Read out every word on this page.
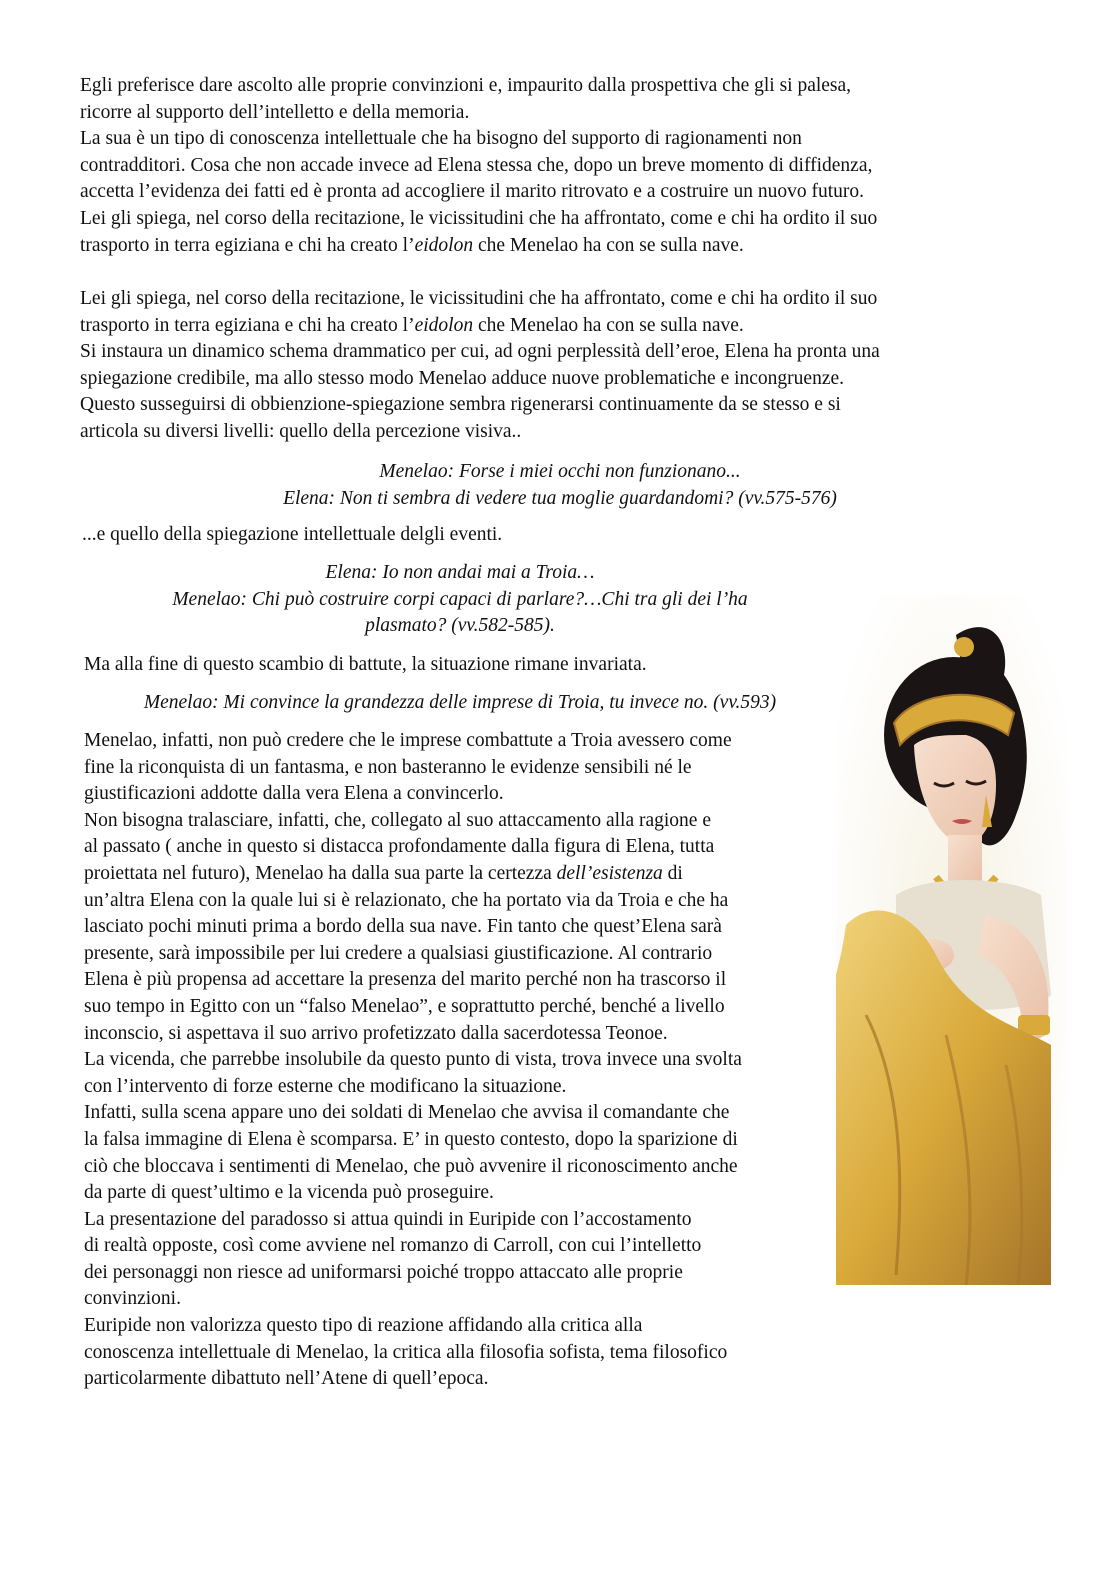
Egli preferisce dare ascolto alle proprie convinzioni e, impaurito dalla prospettiva che gli si palesa,
ricorre al supporto dell’intelletto e della memoria.
La sua è un tipo di conoscenza intellettuale che ha bisogno del supporto di ragionamenti non
contradditori. Cosa che non accade invece ad Elena stessa che, dopo un breve momento di diffidenza,
accetta l’evidenza dei fatti ed è pronta ad accogliere il marito ritrovato e a costruire un nuovo futuro.
Lei gli spiega, nel corso della recitazione, le vicissitudini che ha affrontato, come e chi ha ordito il suo
trasporto in terra egiziana e chi ha creato l’eidolon che Menelao ha con se sulla nave.
Lei gli spiega, nel corso della recitazione, le vicissitudini che ha affrontato, come e chi ha ordito il suo
trasporto in terra egiziana e chi ha creato l’eidolon che Menelao ha con se sulla nave.
Si instaura un dinamico schema drammatico per cui, ad ogni perplessità dell’eroe, Elena ha pronta una
spiegazione credibile, ma allo stesso modo Menelao adduce nuove problematiche e incongruenze.
Questo susseguirsi di obbienzione-spiegazione sembra rigenerarsi continuamente da se stesso e si
articola su diversi livelli: quello della percezione visiva..
Menelao: Forse i miei occhi non funzionano...
Elena: Non ti sembra di vedere tua moglie guardandomi? (vv.575-576)
...e quello della spiegazione intellettuale delgli eventi.
Elena: Io non andai mai a Troia…
Menelao: Chi può costruire corpi capaci di parlare?…Chi tra gli dei l’ha
plasmato? (vv.582-585).
Ma alla fine di questo scambio di battute, la situazione rimane invariata.
Menelao: Mi convince la grandezza delle imprese di Troia, tu invece no. (vv.593)
Menelao, infatti, non può credere che le imprese combattute a Troia avessero come
fine la riconquista di un fantasma, e non basteranno le evidenze sensibili né le
giustificazioni addotte dalla vera Elena a convincerlo.
Non bisogna tralasciare, infatti, che, collegato al suo attaccamento alla ragione e
al passato ( anche in questo si distacca profondamente dalla figura di Elena, tutta
proiettata nel futuro), Menelao ha dalla sua parte la certezza dell’esistenza di
un’altra Elena con la quale lui si è relazionato, che ha portato via da Troia e che ha
lasciato pochi minuti prima a bordo della sua nave. Fin tanto che quest’Elena sarà
presente, sarà impossibile per lui credere a qualsiasi giustificazione. Al contrario
Elena è più propensa ad accettare la presenza del marito perché non ha trascorso il
suo tempo in Egitto con un “falso Menelao”, e soprattutto perché, benché a livello
inconscio, si aspettava il suo arrivo profetizzato dalla sacerdotessa Teonoe.
La vicenda, che parrebbe insolubile da questo punto di vista, trova invece una svolta
con l’intervento di forze esterne che modificano la situazione.
Infatti, sulla scena appare uno dei soldati di Menelao che avvisa il comandante che
la falsa immagine di Elena è scomparsa. E’ in questo contesto, dopo la sparizione di
ciò che bloccava i sentimenti di Menelao, che può avvenire il riconoscimento anche
da parte di quest’ultimo e la vicenda può proseguire.
La presentazione del paradosso si attua quindi in Euripide con l’accostamento
di realtà opposte, così come avviene nel romanzo di Carroll, con cui l’intelletto
dei personaggi non riesce ad uniformarsi poiché troppo attaccato alle proprie
convinzioni.
Euripide non valorizza questo tipo di reazione affidando alla critica alla
conoscenza intellettuale di Menelao, la critica alla filosofia sofista, tema filosofico
particolarmente dibattuto nell’Atene di quell’epoca.
